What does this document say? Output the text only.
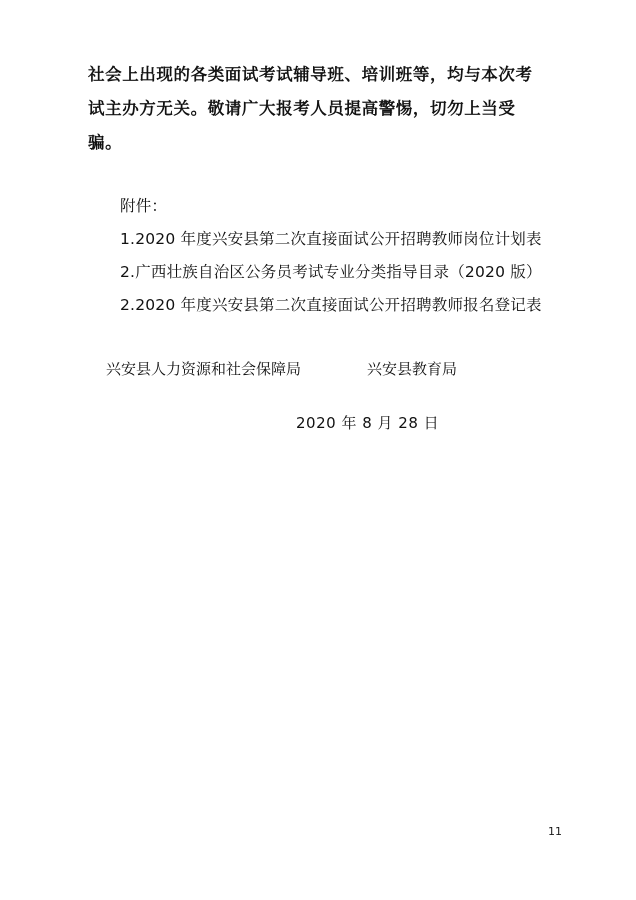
社会上出现的各类面试考试辅导班、培训班等，均与本次考试主办方无关。敬请广大报考人员提高警惕，切勿上当受骗。
附件：
1.2020 年度兴安县第二次直接面试公开招聘教师岗位计划表
2.广西壮族自治区公务员考试专业分类指导目录（2020 版）
2.2020 年度兴安县第二次直接面试公开招聘教师报名登记表
兴安县人力资源和社会保障局	兴安县教育局
2020 年 8 月 28 日
11
